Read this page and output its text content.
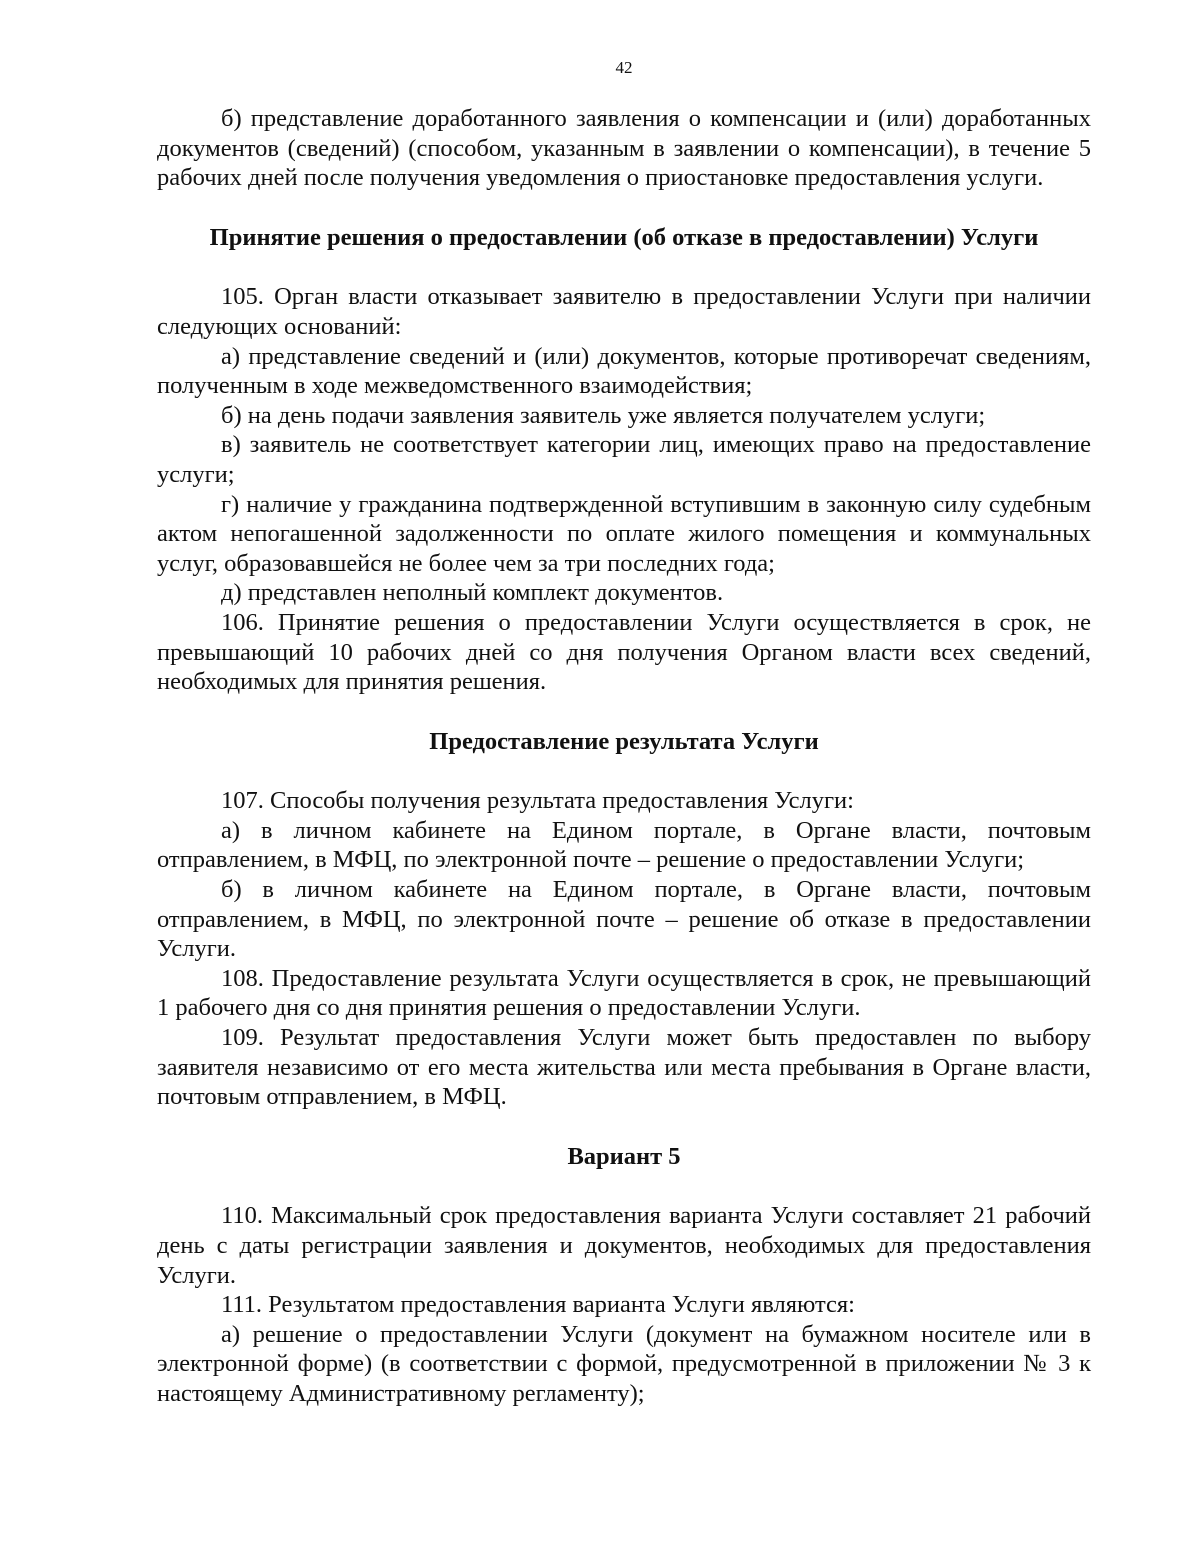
42

б) представление доработанного заявления о компенсации и (или) доработанных документов (сведений) (способом, указанным в заявлении о компенсации), в течение 5 рабочих дней после получения уведомления о приостановке предоставления услуги.

Принятие решения о предоставлении (об отказе в предоставлении) Услуги

105. Орган власти отказывает заявителю в предоставлении Услуги при наличии следующих оснований:

а) представление сведений и (или) документов, которые противоречат сведениям, полученным в ходе межведомственного взаимодействия;

б) на день подачи заявления заявитель уже является получателем услуги;

в) заявитель не соответствует категории лиц, имеющих право на предоставление услуги;

г) наличие у гражданина подтвержденной вступившим в законную силу судебным актом непогашенной задолженности по оплате жилого помещения и коммунальных услуг, образовавшейся не более чем за три последних года;

д) представлен неполный комплект документов.

106. Принятие решения о предоставлении Услуги осуществляется в срок, не превышающий 10 рабочих дней со дня получения Органом власти всех сведений, необходимых для принятия решения.

Предоставление результата Услуги

107. Способы получения результата предоставления Услуги:

а) в личном кабинете на Едином портале, в Органе власти, почтовым отправлением, в МФЦ, по электронной почте – решение о предоставлении Услуги;

б) в личном кабинете на Едином портале, в Органе власти, почтовым отправлением, в МФЦ, по электронной почте – решение об отказе в предоставлении Услуги.

108. Предоставление результата Услуги осуществляется в срок, не превышающий 1 рабочего дня со дня принятия решения о предоставлении Услуги.

109. Результат предоставления Услуги может быть предоставлен по выбору заявителя независимо от его места жительства или места пребывания в Органе власти, почтовым отправлением, в МФЦ.

Вариант 5

110. Максимальный срок предоставления варианта Услуги составляет 21 рабочий день с даты регистрации заявления и документов, необходимых для предоставления Услуги.

111. Результатом предоставления варианта Услуги являются:

а) решение о предоставлении Услуги (документ на бумажном носителе или в электронной форме) (в соответствии с формой, предусмотренной в приложении № 3 к настоящему Административному регламенту);
